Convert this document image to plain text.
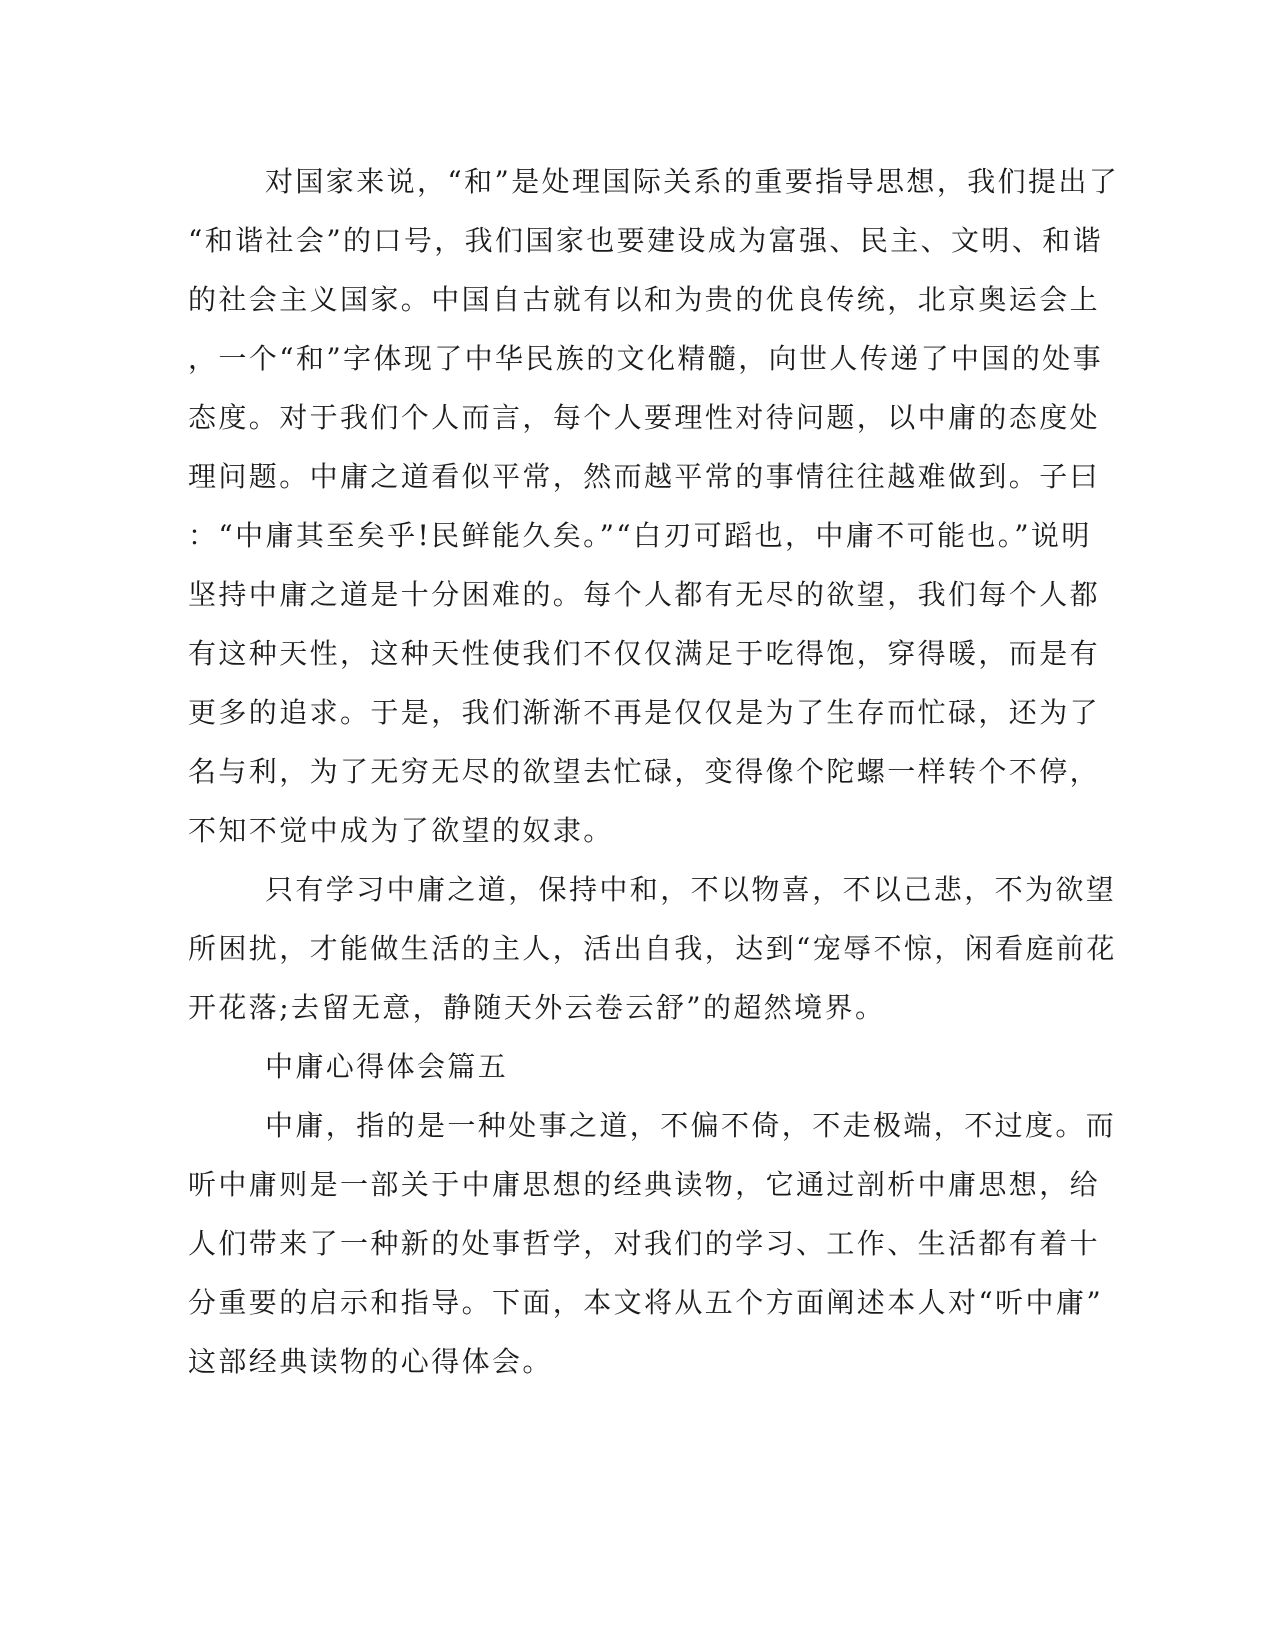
对国家来说，“和”是处理国际关系的重要指导思想，我们提出了
“和谐社会”的口号，我们国家也要建设成为富强、民主、文明、和谐
的社会主义国家。中国自古就有以和为贵的优良传统，北京奥运会上
，一个“和”字体现了中华民族的文化精髓，向世人传递了中国的处事
态度。对于我们个人而言，每个人要理性对待问题，以中庸的态度处
理问题。中庸之道看似平常，然而越平常的事情往往越难做到。子曰
：“中庸其至矣乎!民鲜能久矣。”“白刃可蹈也，中庸不可能也。”说明
坚持中庸之道是十分困难的。每个人都有无尽的欲望，我们每个人都
有这种天性，这种天性使我们不仅仅满足于吃得饱，穿得暖，而是有
更多的追求。于是，我们渐渐不再是仅仅是为了生存而忙碌，还为了
名与利，为了无穷无尽的欲望去忙碌，变得像个陀螺一样转个不停，
不知不觉中成为了欲望的奴隶。
只有学习中庸之道，保持中和，不以物喜，不以己悲，不为欲望
所困扰，才能做生活的主人，活出自我，达到“宠辱不惊，闲看庭前花
开花落;去留无意，静随天外云卷云舒”的超然境界。
中庸心得体会篇五
中庸，指的是一种处事之道，不偏不倚，不走极端，不过度。而
听中庸则是一部关于中庸思想的经典读物，它通过剖析中庸思想，给
人们带来了一种新的处事哲学，对我们的学习、工作、生活都有着十
分重要的启示和指导。下面，本文将从五个方面阐述本人对“听中庸”
这部经典读物的心得体会。
